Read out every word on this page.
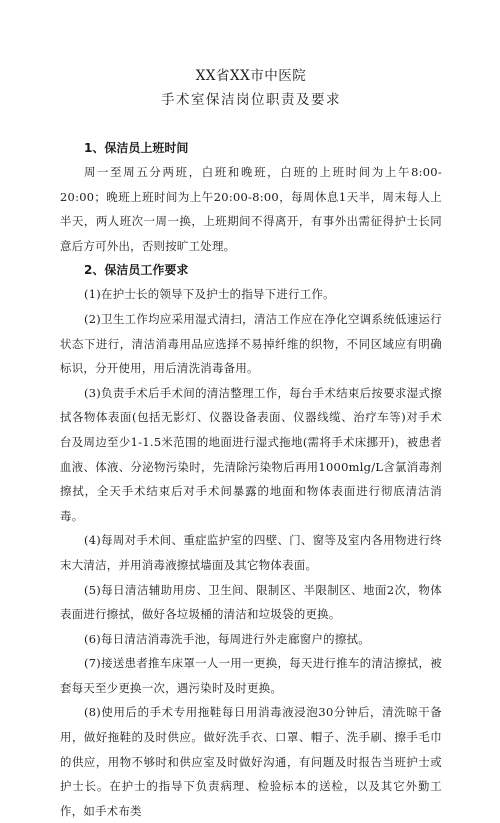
XX省XX市中医院

手术室保洁岗位职责及要求

1、保洁员上班时间

周一至周五分两班，白班和晚班，白班的上班时间为上午8:00-20:00；晚班上班时间为上午20:00-8:00，每周休息1天半，周末每人上半天，两人班次一周一换，上班期间不得离开，有事外出需征得护士长同意后方可外出，否则按旷工处理。

2、保洁员工作要求

(1)在护士长的领导下及护士的指导下进行工作。

(2)卫生工作均应采用湿式清扫，清洁工作应在净化空调系统低速运行状态下进行，清洁消毒用品应选择不易掉纤维的织物，不同区域应有明确标识，分开使用，用后清洗消毒备用。

(3)负责手术后手术间的清洁整理工作，每台手术结束后按要求湿式擦拭各物体表面(包括无影灯、仪器设备表面、仪器线缆、治疗车等)对手术台及周边至少1-1.5米范围的地面进行湿式拖地(需将手术床挪开)，被患者血液、体液、分泌物污染时，先清除污染物后再用1000mlg/L含氯消毒剂擦拭，全天手术结束后对手术间暴露的地面和物体表面进行彻底清洁消毒。

(4)每周对手术间、重症监护室的四壁、门、窗等及室内各用物进行终末大清洁，并用消毒液擦拭墙面及其它物体表面。

(5)每日清洁辅助用房、卫生间、限制区、半限制区、地面2次，物体表面进行擦拭，做好各垃圾桶的清洁和垃圾袋的更换。

(6)每日清洁消毒洗手池，每周进行外走廊窗户的擦拭。

(7)接送患者推车床罩一人一用一更换，每天进行推车的清洁擦拭，被套每天至少更换一次，遇污染时及时更换。

(8)使用后的手术专用拖鞋每日用消毒液浸泡30分钟后，清洗晾干备用，做好拖鞋的及时供应。做好洗手衣、口罩、帽子、洗手刷、擦手毛巾的供应，用物不够时和供应室及时做好沟通，有问题及时报告当班护士或护士长。在护士的指导下负责病理、检验标本的送检，以及其它外勤工作，如手术布类
